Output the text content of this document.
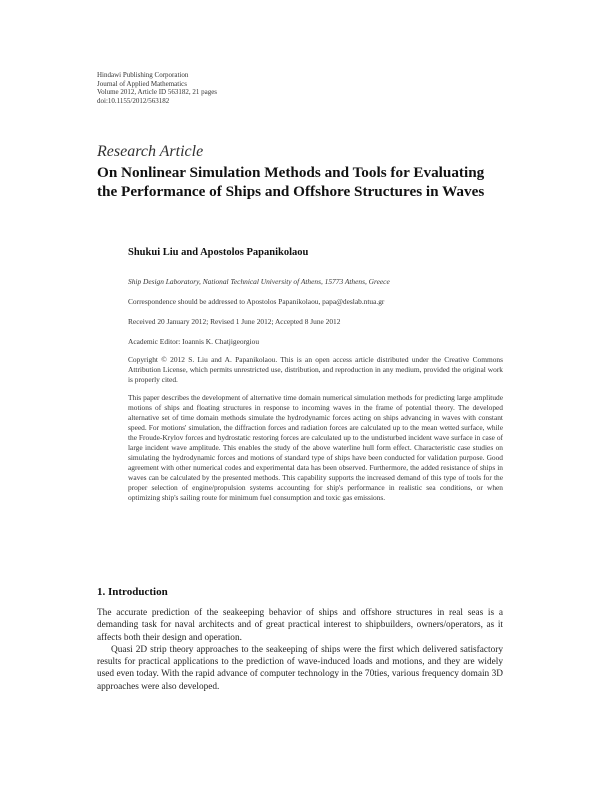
Hindawi Publishing Corporation
Journal of Applied Mathematics
Volume 2012, Article ID 563182, 21 pages
doi:10.1155/2012/563182
Research Article
On Nonlinear Simulation Methods and Tools for Evaluating the Performance of Ships and Offshore Structures in Waves
Shukui Liu and Apostolos Papanikolaou
Ship Design Laboratory, National Technical University of Athens, 15773 Athens, Greece
Correspondence should be addressed to Apostolos Papanikolaou, papa@deslab.ntua.gr
Received 20 January 2012; Revised 1 June 2012; Accepted 8 June 2012
Academic Editor: Ioannis K. Chatjigeorgiou
Copyright © 2012 S. Liu and A. Papanikolaou. This is an open access article distributed under the Creative Commons Attribution License, which permits unrestricted use, distribution, and reproduction in any medium, provided the original work is properly cited.
This paper describes the development of alternative time domain numerical simulation methods for predicting large amplitude motions of ships and floating structures in response to incoming waves in the frame of potential theory. The developed alternative set of time domain methods simulate the hydrodynamic forces acting on ships advancing in waves with constant speed. For motions' simulation, the diffraction forces and radiation forces are calculated up to the mean wetted surface, while the Froude-Krylov forces and hydrostatic restoring forces are calculated up to the undisturbed incident wave surface in case of large incident wave amplitude. This enables the study of the above waterline hull form effect. Characteristic case studies on simulating the hydrodynamic forces and motions of standard type of ships have been conducted for validation purpose. Good agreement with other numerical codes and experimental data has been observed. Furthermore, the added resistance of ships in waves can be calculated by the presented methods. This capability supports the increased demand of this type of tools for the proper selection of engine/propulsion systems accounting for ship's performance in realistic sea conditions, or when optimizing ship's sailing route for minimum fuel consumption and toxic gas emissions.
1. Introduction

The accurate prediction of the seakeeping behavior of ships and offshore structures in real seas is a demanding task for naval architects and of great practical interest to shipbuilders, owners/operators, as it affects both their design and operation.

Quasi 2D strip theory approaches to the seakeeping of ships were the first which delivered satisfactory results for practical applications to the prediction of wave-induced loads and motions, and they are widely used even today. With the rapid advance of computer technology in the 70ties, various frequency domain 3D approaches were also developed.
